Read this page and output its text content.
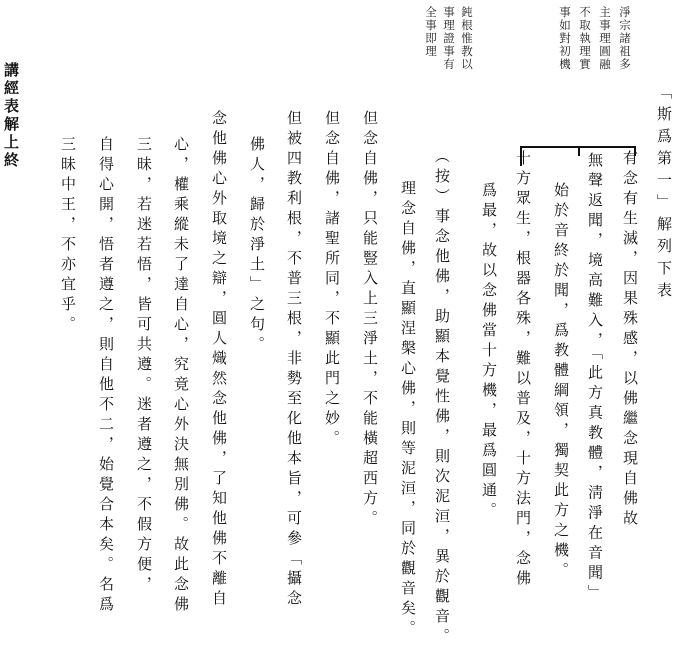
淨宗諸祖多
主事理圓融
不取執理實
事如對初機
鈍根惟教以
事理證事有
全事即理
「斯爲第一」解列下表
有念有生滅，因果殊感，以佛繼念現自佛故
無聲返聞，境高難入，「此方真教體，淸淨在音聞」
始於音終於聞，爲教體綱領，獨契此方之機。
十方眾生，根器各殊，難以普及，十方法門，念佛
爲最，故以念佛當十方機，最爲圓通。
（按）事念他佛，助顯本覺性佛，則次泥洹，異於觀音。
理念自佛，直顯涅槃心佛，則等泥洹，同於觀音矣。
但念自佛，只能豎入上三淨土，不能橫超西方。
但念自佛，諸聖所同，不顯此門之妙。
但被四教利根，不普三根，非勢至化他本旨，可參「攝念
佛人，歸於淨土」之句。
念他佛心外取境之辯，圓人熾然念他佛，了知他佛不離自
心，權乘縱未了達自心，究竟心外決無別佛。故此念佛
三昧，若迷若悟，皆可共遵。迷者遵之，不假方便，
自得心開，悟者遵之，則自他不二，始覺合本矣。名爲
三昧中王，不亦宜乎。
講經表解上終
